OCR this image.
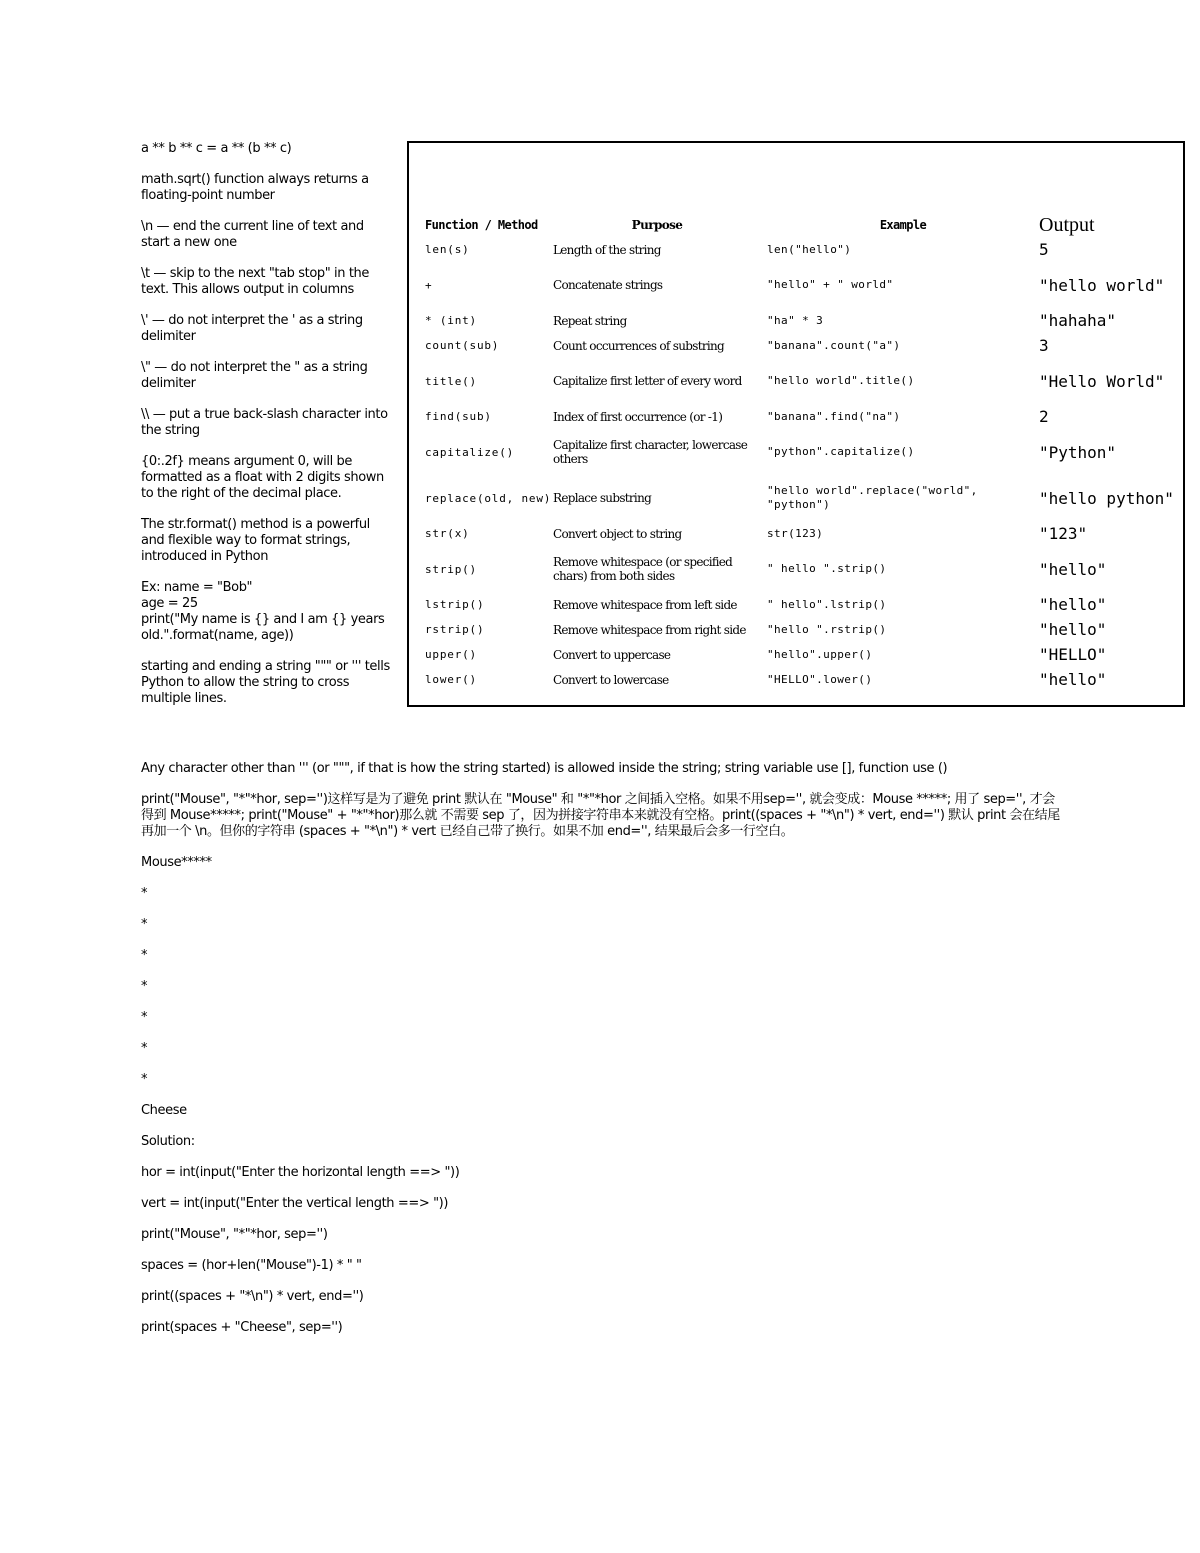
a ** b ** c = a ** (b ** c)

math.sqrt() function always returns a floating-point number

\n — end the current line of text and start a new one

\t — skip to the next "tab stop" in the text. This allows output in columns

\' — do not interpret the ' as a string delimiter

\" — do not interpret the " as a string delimiter

\\ — put a true back-slash character into the string

{0:.2f} means argument 0, will be formatted as a float with 2 digits shown to the right of the decimal place.

The str.format() method is a powerful and flexible way to format strings, introduced in Python

Ex: name = "Bob"
age = 25
print("My name is {} and I am {} years old.".format(name, age))

starting and ending a string """ or ''' tells Python to allow the string to cross multiple lines.

Function / Method	Purpose	Example	Output
len(s)	Length of the string	len("hello")	5
+	Concatenate strings	"hello" + " world"	"hello world"
* (int)	Repeat string	"ha" * 3	"hahaha"
count(sub)	Count occurrences of substring	"banana".count("a")	3
title()	Capitalize first letter of every word	"hello world".title()	"Hello World"
find(sub)	Index of first occurrence (or -1)	"banana".find("na")	2
capitalize()	Capitalize first character, lowercase others	"python".capitalize()	"Python"
replace(old, new)	Replace substring	"hello world".replace("world", "python")	"hello python"
str(x)	Convert object to string	str(123)	"123"
strip()	Remove whitespace (or specified chars) from both sides	" hello ".strip()	"hello"
lstrip()	Remove whitespace from left side	" hello".lstrip()	"hello"
rstrip()	Remove whitespace from right side	"hello ".rstrip()	"hello"
upper()	Convert to uppercase	"hello".upper()	"HELLO"
lower()	Convert to lowercase	"HELLO".lower()	"hello"

Any character other than ''' (or """, if that is how the string started) is allowed inside the string; string variable use [], function use ()

print("Mouse", "*"*hor, sep='')这样写是为了避免 print 默认在 "Mouse" 和 "*"*hor 之间插入空格。如果不用sep='', 就会变成：Mouse *****; 用了 sep='', 才会得到 Mouse*****; print("Mouse" + "*"*hor)那么就 不需要 sep 了，因为拼接字符串本来就没有空格。print((spaces + "*\n") * vert, end='') 默认 print 会在结尾再加一个 \n。但你的字符串 (spaces + "*\n") * vert 已经自己带了换行。如果不加 end='', 结果最后会多一行空白。

Mouse*****

*

*

*

*

*

*

*

Cheese

Solution:

hor = int(input("Enter the horizontal length ==> "))

vert = int(input("Enter the vertical length ==> "))

print("Mouse", "*"*hor, sep='')

spaces = (hor+len("Mouse")-1) * " "

print((spaces + "*\n") * vert, end='')

print(spaces + "Cheese", sep='')
